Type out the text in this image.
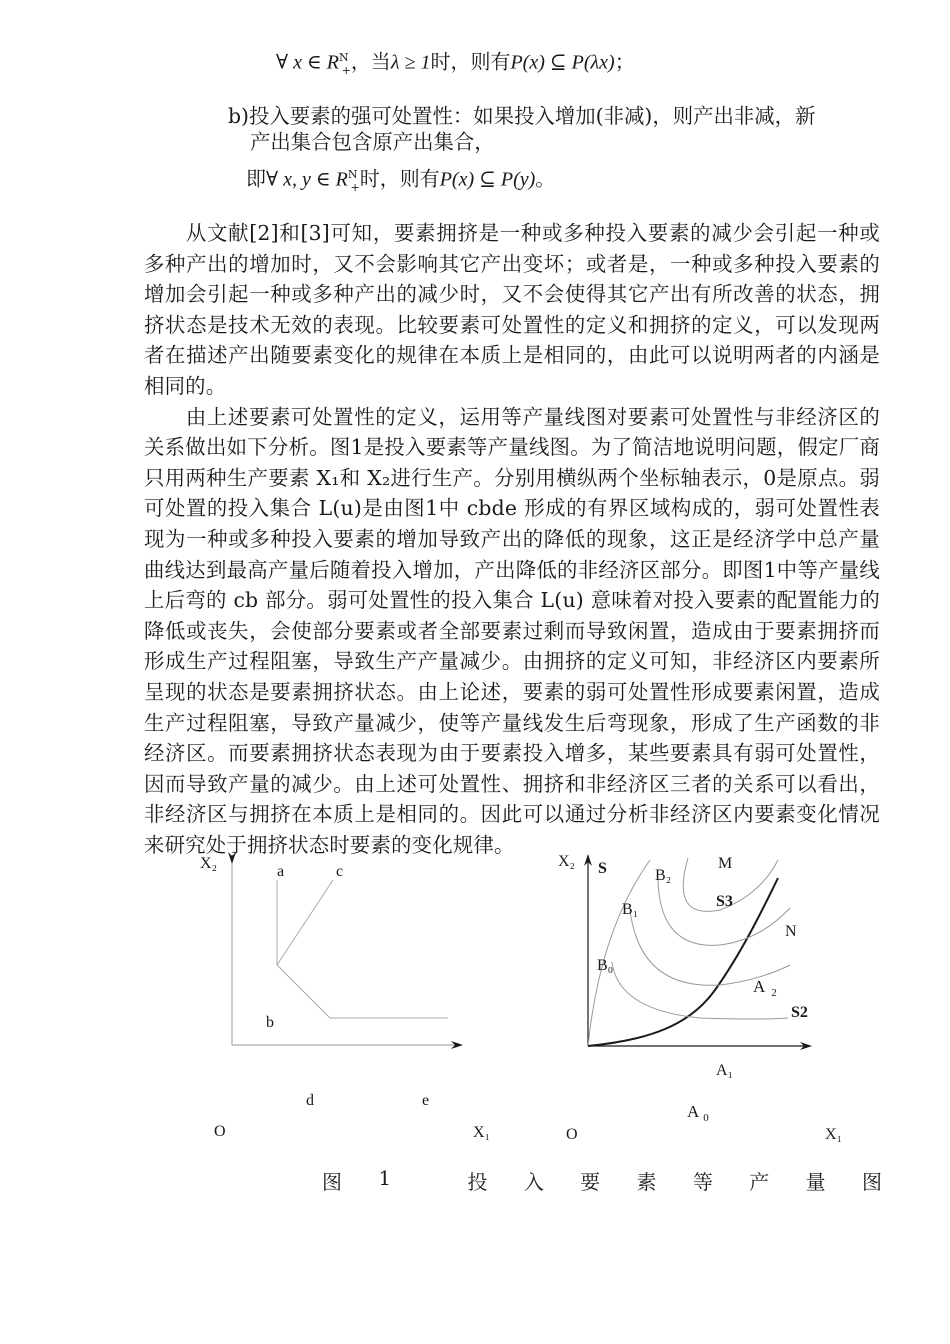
∀ x ∈ $R^N_+$，当λ ≥ 1时，则有P(x) ⊆ P(λx)；
b)投入要素的强可处置性：如果投入增加(非减)，则产出非减，新
产出集合包含原产出集合，
即∀ x, y ∈ $R^N_+$时，则有P(x) ⊆ P(y)。

从文献[2]和[3]可知，要素拥挤是一种或多种投入要素的减少会引起一种或多种产出的增加时，又不会影响其它产出变坏；或者是，一种或多种投入要素的增加会引起一种或多种产出的减少时，又不会使得其它产出有所改善的状态，拥挤状态是技术无效的表现。比较要素可处置性的定义和拥挤的定义，可以发现两者在描述产出随要素变化的规律在本质上是相同的，由此可以说明两者的内涵是相同的。

由上述要素可处置性的定义，运用等产量线图对要素可处置性与非经济区的关系做出如下分析。图1是投入要素等产量线图。为了简洁地说明问题，假定厂商只用两种生产要素 X₁和 X₂进行生产。分别用横纵两个坐标轴表示，0是原点。弱可处置的投入集合 L(u)是由图1中 cbde 形成的有界区域构成的，弱可处置性表现为一种或多种投入要素的增加导致产出的降低的现象，这正是经济学中总产量曲线达到最高产量后随着投入增加，产出降低的非经济区部分。即图1中等产量线上后弯的 cb 部分。弱可处置性的投入集合 L(u) 意味着对投入要素的配置能力的降低或丧失，会使部分要素或者全部要素过剩而导致闲置，造成由于要素拥挤而形成生产过程阻塞，导致生产产量减少。由拥挤的定义可知，非经济区内要素所呈现的状态是要素拥挤状态。由上论述，要素的弱可处置性形成要素闲置，造成生产过程阻塞，导致产量减少，使等产量线发生后弯现象，形成了生产函数的非经济区。而要素拥挤状态表现为由于要素投入增多，某些要素具有弱可处置性，因而导致产量的减少。由上述可处置性、拥挤和非经济区三者的关系可以看出，非经济区与拥挤在本质上是相同的。因此可以通过分析非经济区内要素变化情况来研究处于拥挤状态时要素的变化规律。

X₂	a	c
b
d	e
O	X₁
X₂ S	B₂
M
S3
B₁
N
B₀
A $_2$
S2
A₁
A $_0$
O	X₁
图 1	投 入 要 素 等 产 量 图
